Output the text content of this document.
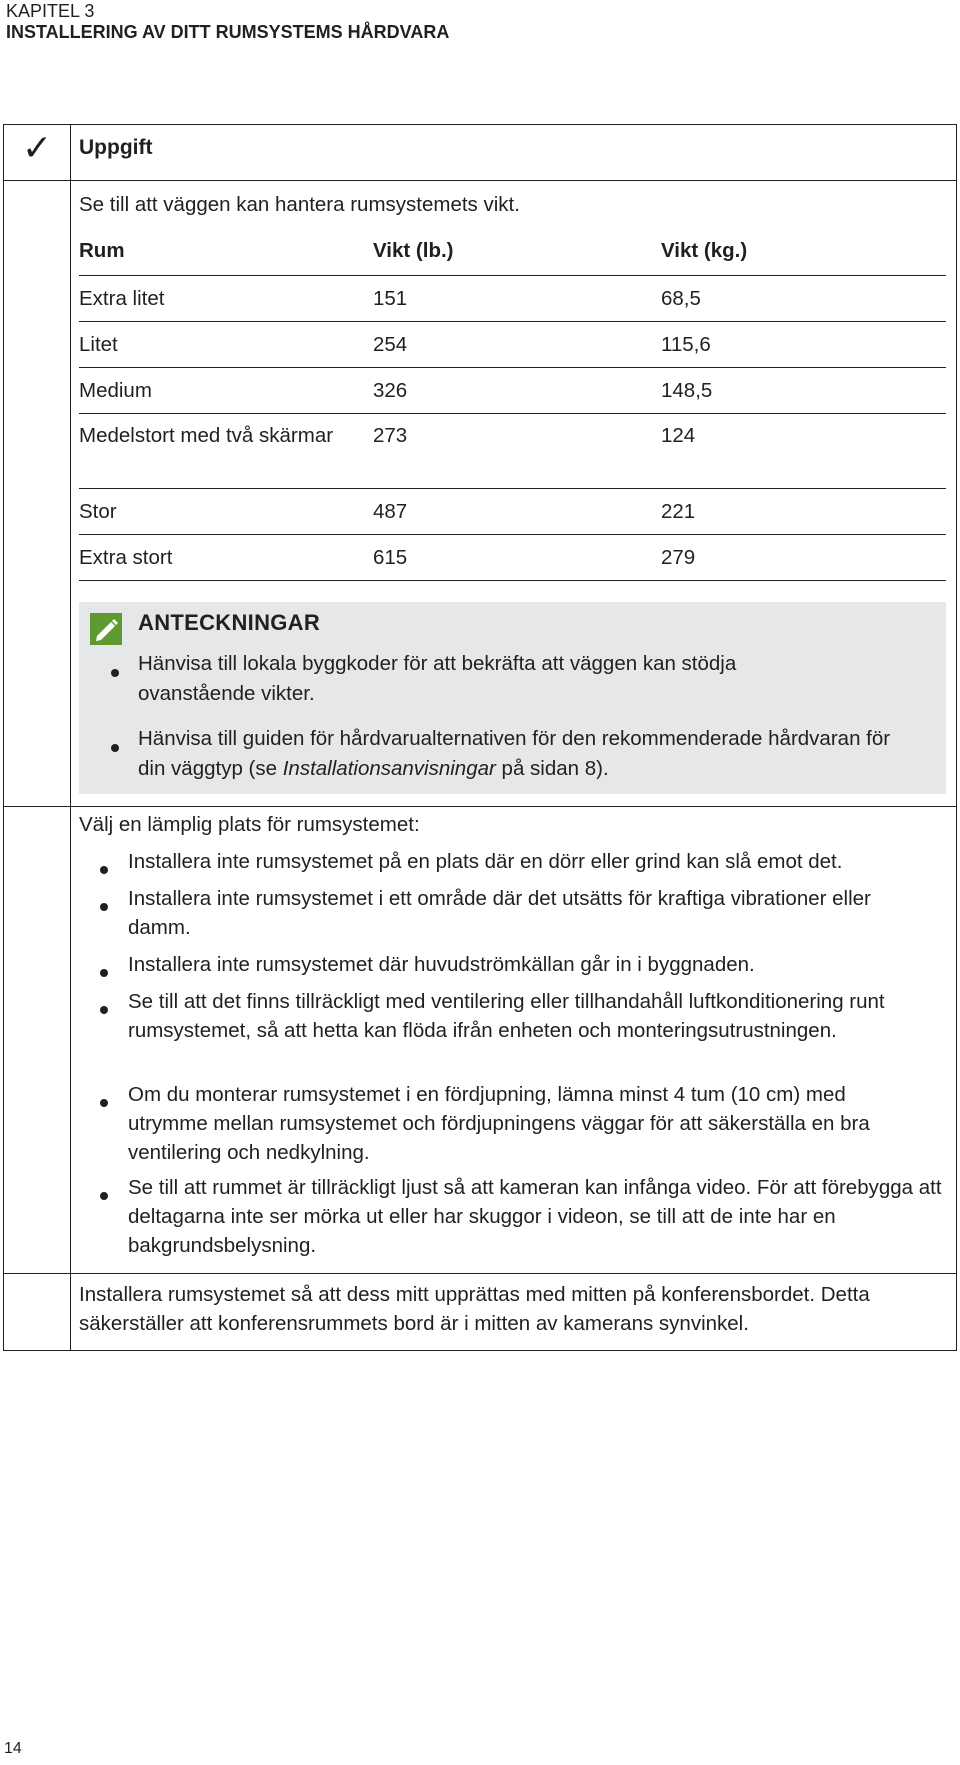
KAPITEL 3
INSTALLERING AV DITT RUMSYSTEMS HÅRDVARA
✓ Uppgift
Se till att väggen kan hantera rumsystemets vikt.
Rum	Vikt (lb.)	Vikt (kg.)
Extra litet	151	68,5
Litet	254	115,6
Medium	326	148,5
Medelstort med två skärmar 273	124
Stor	487	221
Extra stort	615	279
ANTECKNINGAR
Hänvisa till lokala byggkoder för att bekräfta att väggen kan stödja ovanstående vikter.
Hänvisa till guiden för hårdvarualternativen för den rekommenderade hårdvaran för din väggtyp (se Installationsanvisningar på sidan 8).
Välj en lämplig plats för rumsystemet:
Installera inte rumsystemet på en plats där en dörr eller grind kan slå emot det.
Installera inte rumsystemet i ett område där det utsätts för kraftiga vibrationer eller damm.
Installera inte rumsystemet där huvudströmkällan går in i byggnaden.
Se till att det finns tillräckligt med ventilering eller tillhandahåll luftkonditionering runt rumsystemet, så att hetta kan flöda ifrån enheten och monteringsutrustningen.
Om du monterar rumsystemet i en fördjupning, lämna minst 4 tum (10 cm) med utrymme mellan rumsystemet och fördjupningens väggar för att säkerställa en bra ventilering och nedkylning.
Se till att rummet är tillräckligt ljust så att kameran kan infånga video. För att förebygga att deltagarna inte ser mörka ut eller har skuggor i videon, se till att de inte har en bakgrundsbelysning.
Installera rumsystemet så att dess mitt upprättas med mitten på konferensbordet. Detta säkerställer att konferensrummets bord är i mitten av kamerans synvinkel.
14
